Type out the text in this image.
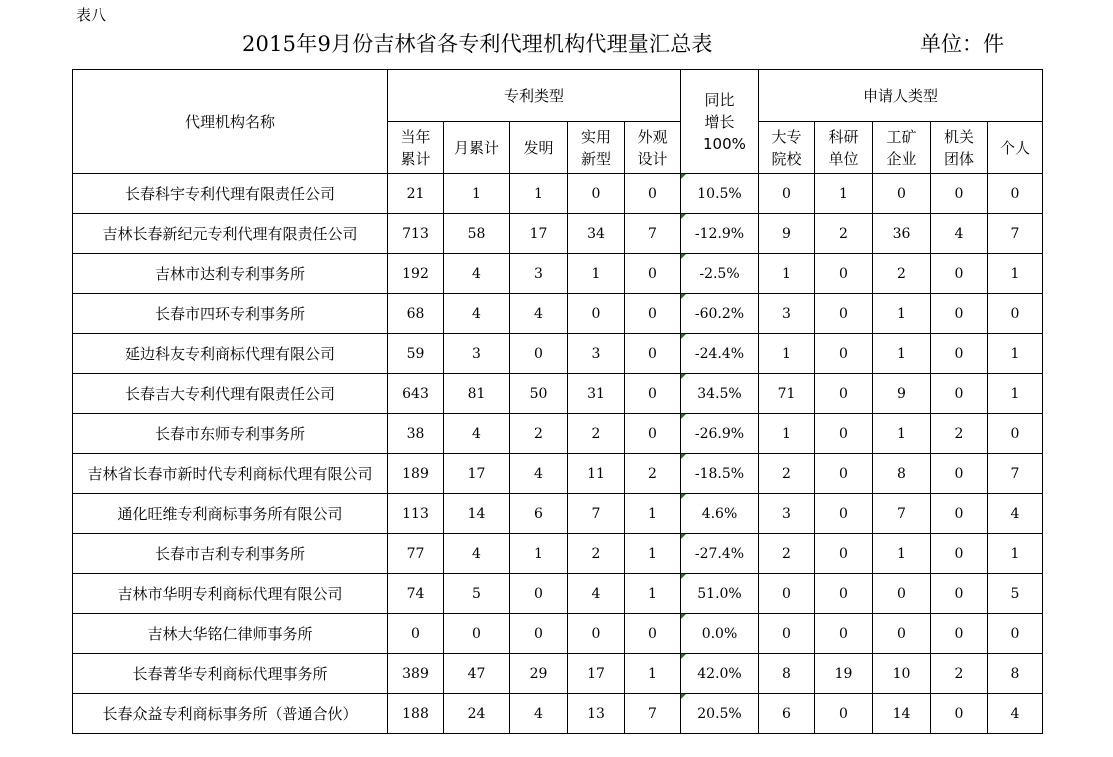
表八
2015年9月份吉林省各专利代理机构代理量汇总表	单位：件
代理机构名称	专利类型					同比增长100%	申请人类型				

	当年累计	月累计	发明	实用新型	外观设计		大专院校	科研单位	工矿企业	机关团体	个人
长春科宇专利代理有限责任公司	21	1	1	0	0	10.5%	0	1	0	0	0
吉林长春新纪元专利代理有限责任公司	713	58	17	34	7	-12.9%	9	2	36	4	7
吉林市达利专利事务所	192	4	3	1	0	-2.5%	1	0	2	0	1
长春市四环专利事务所	68	4	4	0	0	-60.2%	3	0	1	0	0
延边科友专利商标代理有限公司	59	3	0	3	0	-24.4%	1	0	1	0	1
长春吉大专利代理有限责任公司	643	81	50	31	0	34.5%	71	0	9	0	1
长春市东师专利事务所	38	4	2	2	0	-26.9%	1	0	1	2	0
吉林省长春市新时代专利商标代理有限公司	189	17	4	11	2	-18.5%	2	0	8	0	7
通化旺维专利商标事务所有限公司	113	14	6	7	1	4.6%	3	0	7	0	4
长春市吉利专利事务所	77	4	1	2	1	-27.4%	2	0	1	0	1
吉林市华明专利商标代理有限公司	74	5	0	4	1	51.0%	0	0	0	0	5
吉林大华铭仁律师事务所	0	0	0	0	0	0.0%	0	0	0	0	0
长春菁华专利商标代理事务所	389	47	29	17	1	42.0%	8	19	10	2	8
长春众益专利商标事务所（普通合伙）	188	24	4	13	7	20.5%	6	0	14	0	4
